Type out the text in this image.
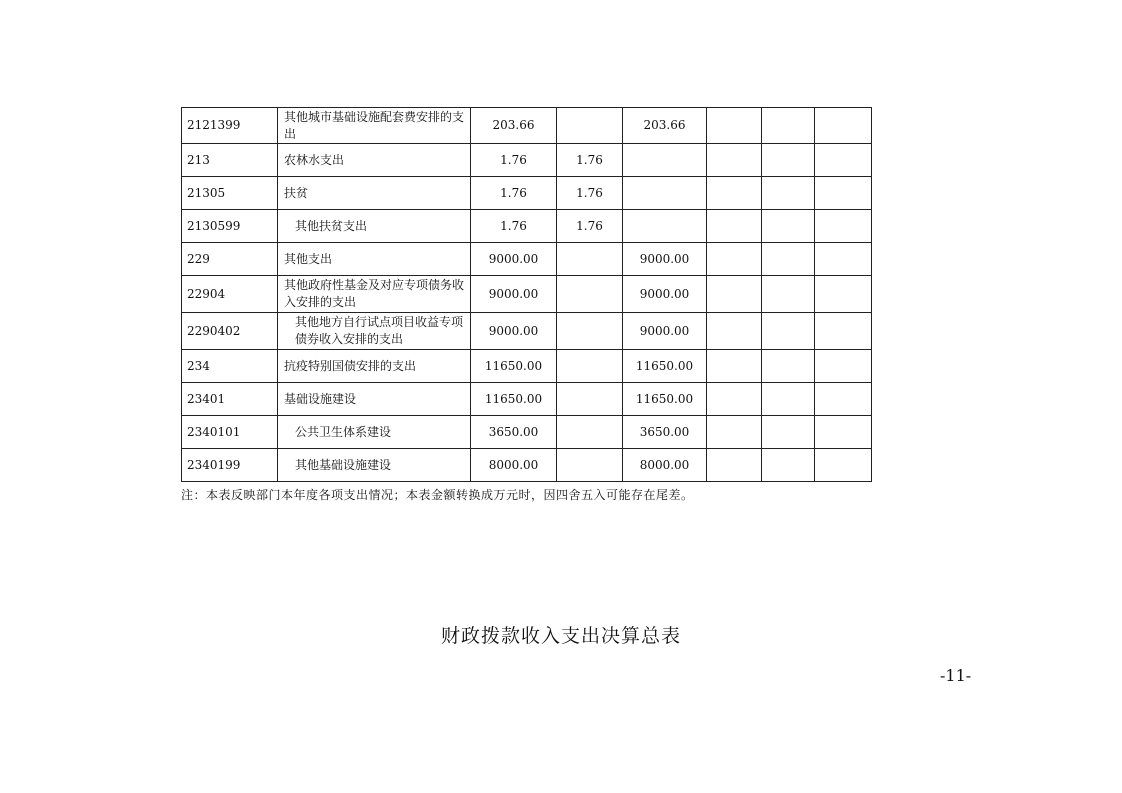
2121399	其他城市基础设施配套费安排的支出	203.66		203.66			
213	农林水支出	1.76	1.76				
21305	扶贫	1.76	1.76				
2130599	其他扶贫支出	1.76	1.76				
229	其他支出	9000.00		9000.00			
22904	其他政府性基金及对应专项债务收入安排的支出	9000.00		9000.00			
2290402	其他地方自行试点项目收益专项债券收入安排的支出	9000.00		9000.00			
234	抗疫特别国债安排的支出	11650.00		11650.00			
23401	基础设施建设	11650.00		11650.00			
2340101	公共卫生体系建设	3650.00		3650.00			
2340199	其他基础设施建设	8000.00		8000.00			
注：本表反映部门本年度各项支出情况；本表金额转换成万元时，因四舍五入可能存在尾差。
财政拨款收入支出决算总表
-11-
